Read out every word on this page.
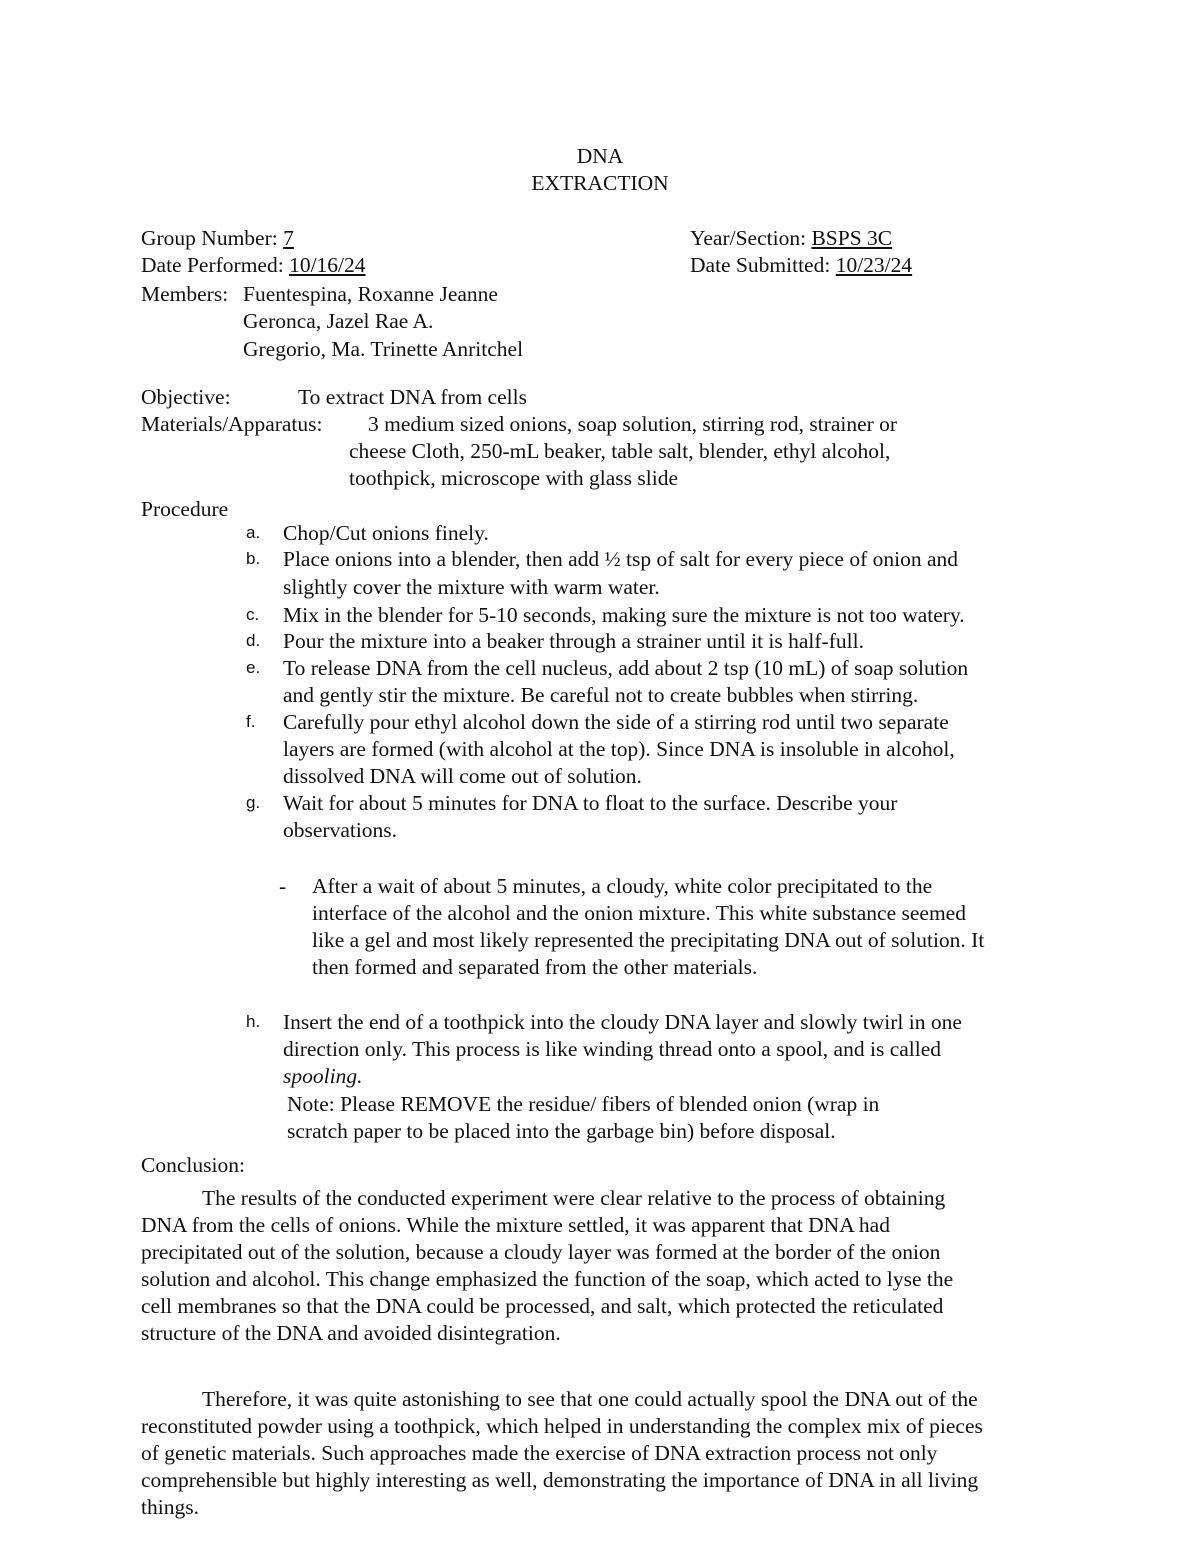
DNA
EXTRACTION
Group Number: 7	Year/Section: BSPS 3C
Date Performed: 10/16/24	Date Submitted: 10/23/24
Members: Fuentespina, Roxanne Jeanne
Geronca, Jazel Rae A.
Gregorio, Ma. Trinette Anritchel
Objective:	To extract DNA from cells
Materials/Apparatus: 3 medium sized onions, soap solution, stirring rod, strainer or
cheese Cloth, 250-mL beaker, table salt, blender, ethyl alcohol,
toothpick, microscope with glass slide
Procedure
a. Chop/Cut onions finely.
b. Place onions into a blender, then add ½ tsp of salt for every piece of onion and
slightly cover the mixture with warm water.
c. Mix in the blender for 5-10 seconds, making sure the mixture is not too watery.
d. Pour the mixture into a beaker through a strainer until it is half-full.
e. To release DNA from the cell nucleus, add about 2 tsp (10 mL) of soap solution
and gently stir the mixture. Be careful not to create bubbles when stirring.
f. Carefully pour ethyl alcohol down the side of a stirring rod until two separate
layers are formed (with alcohol at the top). Since DNA is insoluble in alcohol,
dissolved DNA will come out of solution.
g. Wait for about 5 minutes for DNA to float to the surface. Describe your
observations.
- After a wait of about 5 minutes, a cloudy, white color precipitated to the
interface of the alcohol and the onion mixture. This white substance seemed
like a gel and most likely represented the precipitating DNA out of solution. It
then formed and separated from the other materials.
h. Insert the end of a toothpick into the cloudy DNA layer and slowly twirl in one
direction only. This process is like winding thread onto a spool, and is called
spooling.
Note: Please REMOVE the residue/ fibers of blended onion (wrap in
scratch paper to be placed into the garbage bin) before disposal.
Conclusion:
The results of the conducted experiment were clear relative to the process of obtaining
DNA from the cells of onions. While the mixture settled, it was apparent that DNA had
precipitated out of the solution, because a cloudy layer was formed at the border of the onion
solution and alcohol. This change emphasized the function of the soap, which acted to lyse the
cell membranes so that the DNA could be processed, and salt, which protected the reticulated
structure of the DNA and avoided disintegration.
Therefore, it was quite astonishing to see that one could actually spool the DNA out of the
reconstituted powder using a toothpick, which helped in understanding the complex mix of pieces
of genetic materials. Such approaches made the exercise of DNA extraction process not only
comprehensible but highly interesting as well, demonstrating the importance of DNA in all living
things.
